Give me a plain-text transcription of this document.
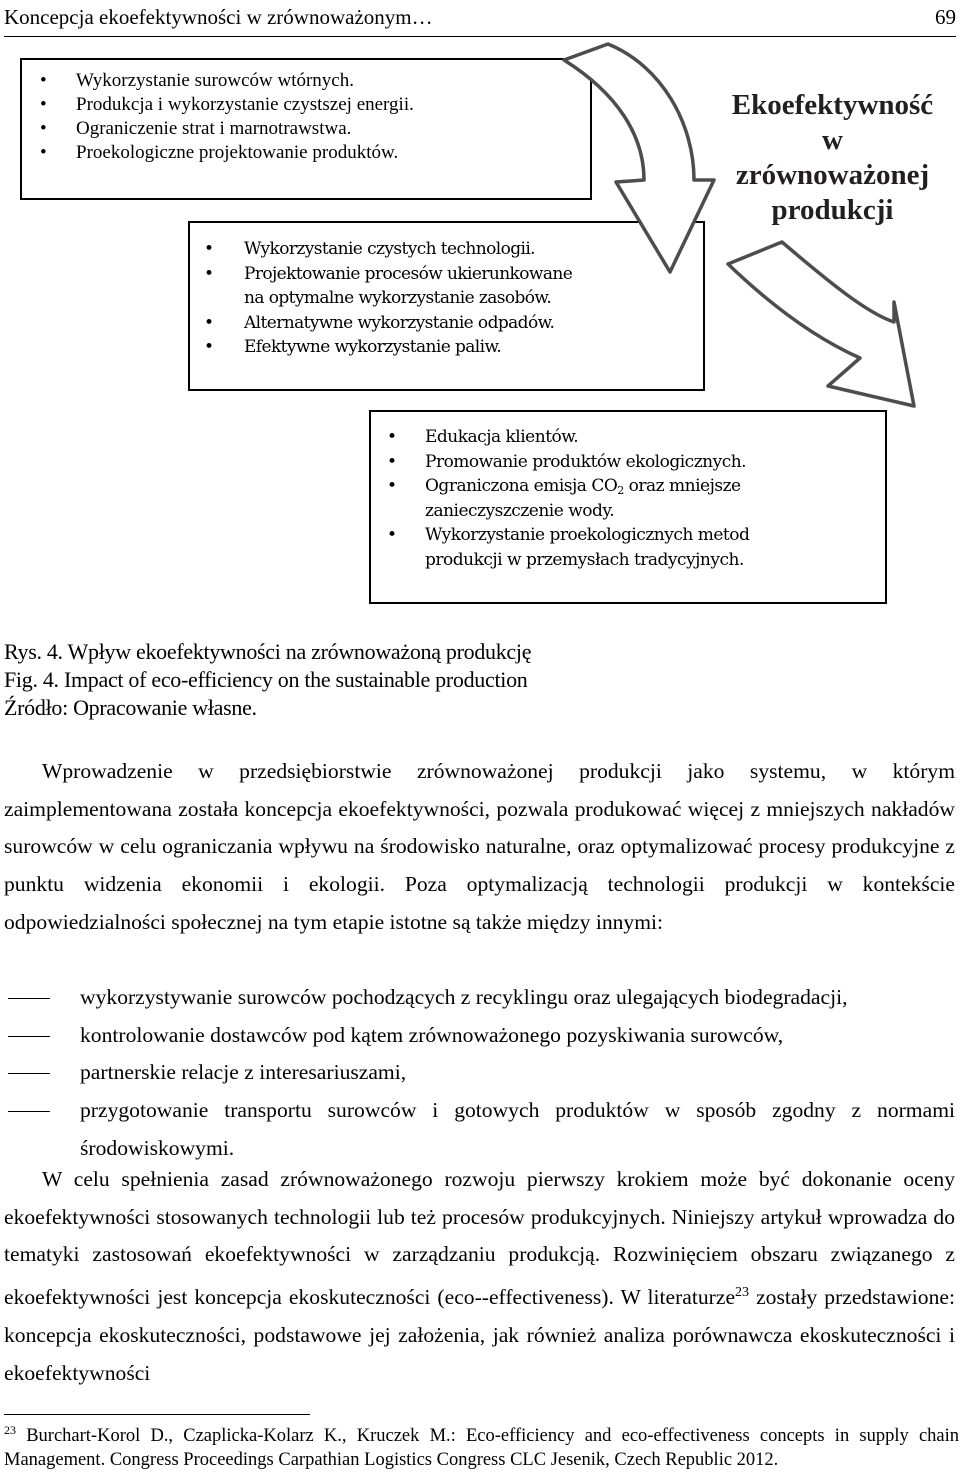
Koncepcja ekoefektywności w zrównoważonym…	69
• Wykorzystanie surowców wtórnych.
• Produkcja i wykorzystanie czystszej energii.
• Ograniczenie strat i marnotrawstwa.
• Proekologiczne projektowanie produktów.
• Wykorzystanie czystych technologii.
• Projektowanie procesów ukierunkowane
na optymalne wykorzystanie zasobów.
• Alternatywne wykorzystanie odpadów.
• Efektywne wykorzystanie paliw.
• Edukacja klientów.
• Promowanie produktów ekologicznych.
• Ograniczona emisja $CO_2$ oraz mniejsze
zanieczyszczenie wody.
• Wykorzystanie proekologicznych metod
produkcji w przemysłach tradycyjnych.
Ekoefektywność
w
zrównoważonej
produkcji
Rys. 4. Wpływ ekoefektywności na zrównoważoną produkcję
Fig. 4. Impact of eco-efficiency on the sustainable production
Źródło: Opracowanie własne.

Wprowadzenie w przedsiębiorstwie zrównoważonej produkcji jako systemu, w którym zaimplementowana została koncepcja ekoefektywności, pozwala produkować więcej z mniejszych nakładów surowców w celu ograniczania wpływu na środowisko naturalne, oraz optymalizować procesy produkcyjne z punktu widzenia ekonomii i ekologii. Poza optymalizacją technologii produkcji w kontekście odpowiedzialności społecznej na tym etapie istotne są także między innymi:

wykorzystywanie surowców pochodzących z recyklingu oraz ulegających biodegradacji,
kontrolowanie dostawców pod kątem zrównoważonego pozyskiwania surowców,
partnerskie relacje z interesariuszami,
przygotowanie transportu surowców i gotowych produktów w sposób zgodny z normami środowiskowymi.

W celu spełnienia zasad zrównoważonego rozwoju pierwszy krokiem może być dokonanie oceny ekoefektywności stosowanych technologii lub też procesów produkcyjnych. Niniejszy artykuł wprowadza do tematyki zastosowań ekoefektywności w zarządzaniu produkcją. Rozwinięciem obszaru związanego z ekoefektywności jest koncepcja ekoskuteczności (eco--effectiveness). W literaturze$^{23}$ zostały przedstawione: koncepcja ekoskuteczności, podstawowe jej założenia, jak również analiza porównawcza ekoskuteczności i ekoefektywności

$^{23}$ Burchart-Korol D., Czaplicka-Kolarz K., Kruczek M.: Eco-efficiency and eco-effectiveness concepts in supply chain Management. Congress Proceedings Carpathian Logistics Congress CLC Jesenik, Czech Republic 2012.
